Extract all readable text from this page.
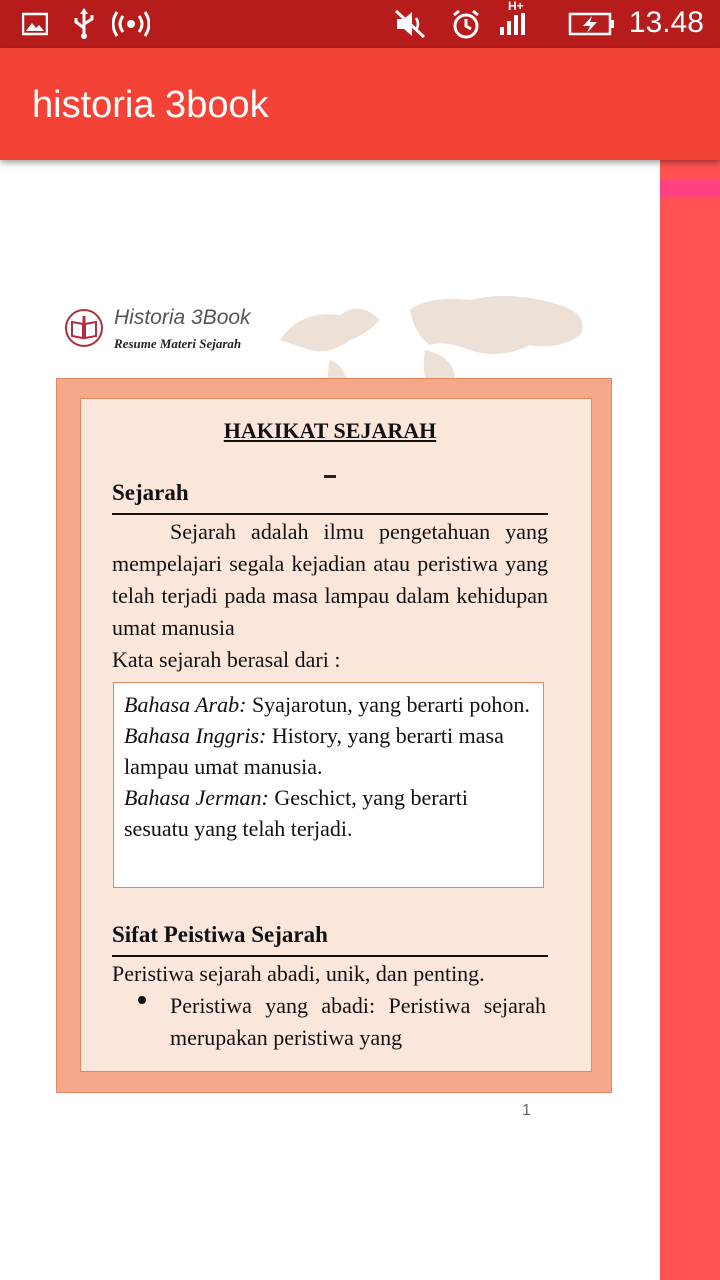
H+	13.48
historia 3book
Historia 3Book
Resume Materi Sejarah
HAKIKAT SEJARAH
Sejarah
Sejarah adalah ilmu pengetahuan yang mempelajari segala kejadian atau peristiwa yang telah terjadi pada masa lampau dalam kehidupan umat manusia
Kata sejarah berasal dari :
Bahasa Arab: Syajarotun, yang berarti pohon.
Bahasa Inggris: History, yang berarti masa lampau umat manusia.
Bahasa Jerman: Geschict, yang berarti sesuatu yang telah terjadi.
Sifat Peistiwa Sejarah
Peristiwa sejarah abadi, unik, dan penting.
Peristiwa yang abadi: Peristiwa sejarah merupakan peristiwa yang
1
